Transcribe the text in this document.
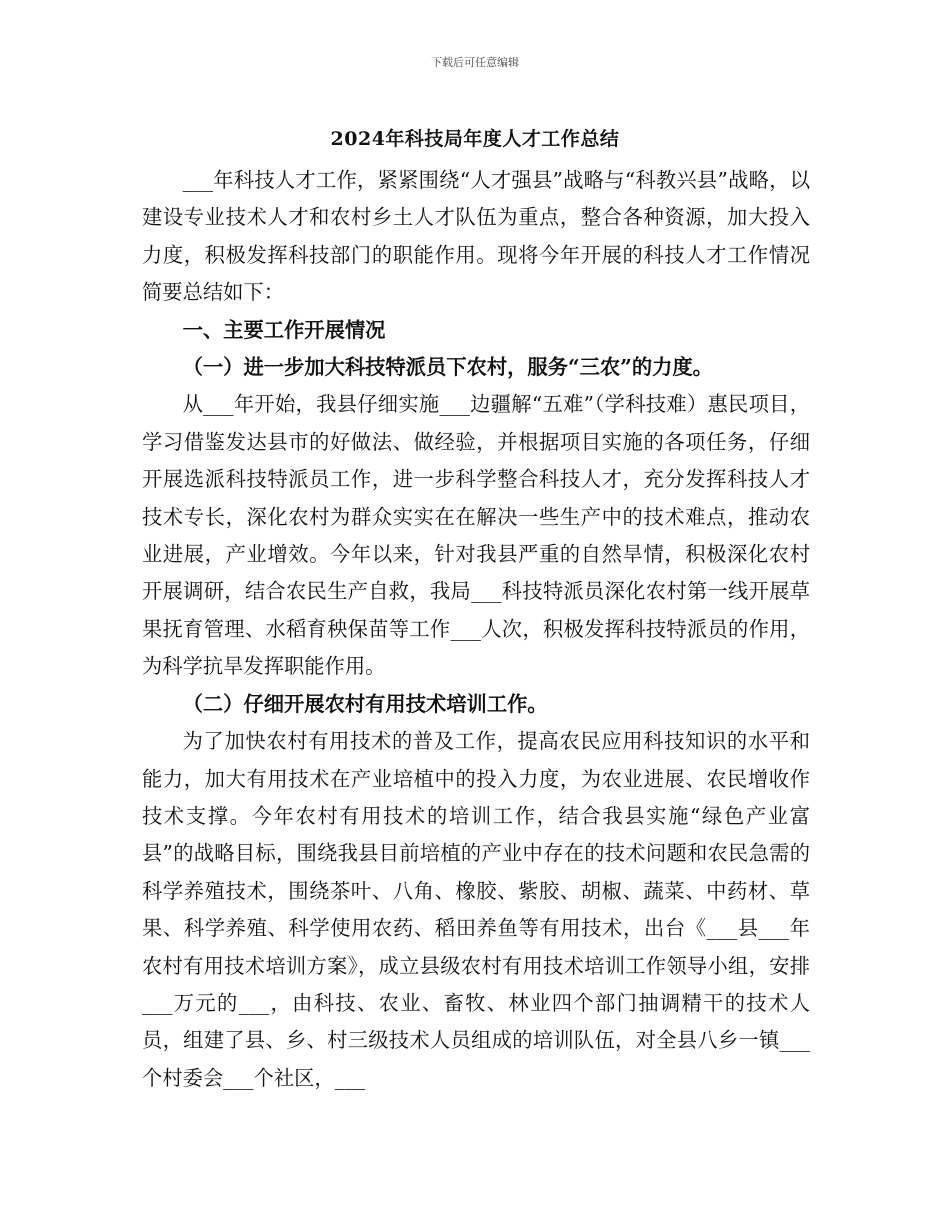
下载后可任意编辑
2024年科技局年度人才工作总结

___年科技人才工作，紧紧围绕“人才强县”战略与“科教兴县”战略，以建设专业技术人才和农村乡土人才队伍为重点，整合各种资源，加大投入力度，积极发挥科技部门的职能作用。现将今年开展的科技人才工作情况简要总结如下：

一、主要工作开展情况

（一）进一步加大科技特派员下农村，服务“三农”的力度。

从___年开始，我县仔细实施___边疆解“五难”（学科技难）惠民项目，学习借鉴发达县市的好做法、做经验，并根据项目实施的各项任务，仔细开展选派科技特派员工作，进一步科学整合科技人才，充分发挥科技人才技术专长，深化农村为群众实实在在解决一些生产中的技术难点，推动农业进展，产业增效。今年以来，针对我县严重的自然旱情，积极深化农村开展调研，结合农民生产自救，我局___科技特派员深化农村第一线开展草果抚育管理、水稻育秧保苗等工作___人次，积极发挥科技特派员的作用，为科学抗旱发挥职能作用。

（二）仔细开展农村有用技术培训工作。

为了加快农村有用技术的普及工作，提高农民应用科技知识的水平和能力，加大有用技术在产业培植中的投入力度，为农业进展、农民增收作技术支撑。今年农村有用技术的培训工作，结合我县实施“绿色产业富县”的战略目标，围绕我县目前培植的产业中存在的技术问题和农民急需的科学养殖技术，围绕茶叶、八角、橡胶、紫胶、胡椒、蔬菜、中药材、草果、科学养殖、科学使用农药、稻田养鱼等有用技术，出台《___县___年农村有用技术培训方案》，成立县级农村有用技术培训工作领导小组，安排___万元的___，由科技、农业、畜牧、林业四个部门抽调精干的技术人员，组建了县、乡、村三级技术人员组成的培训队伍，对全县八乡一镇___个村委会___个社区，___
